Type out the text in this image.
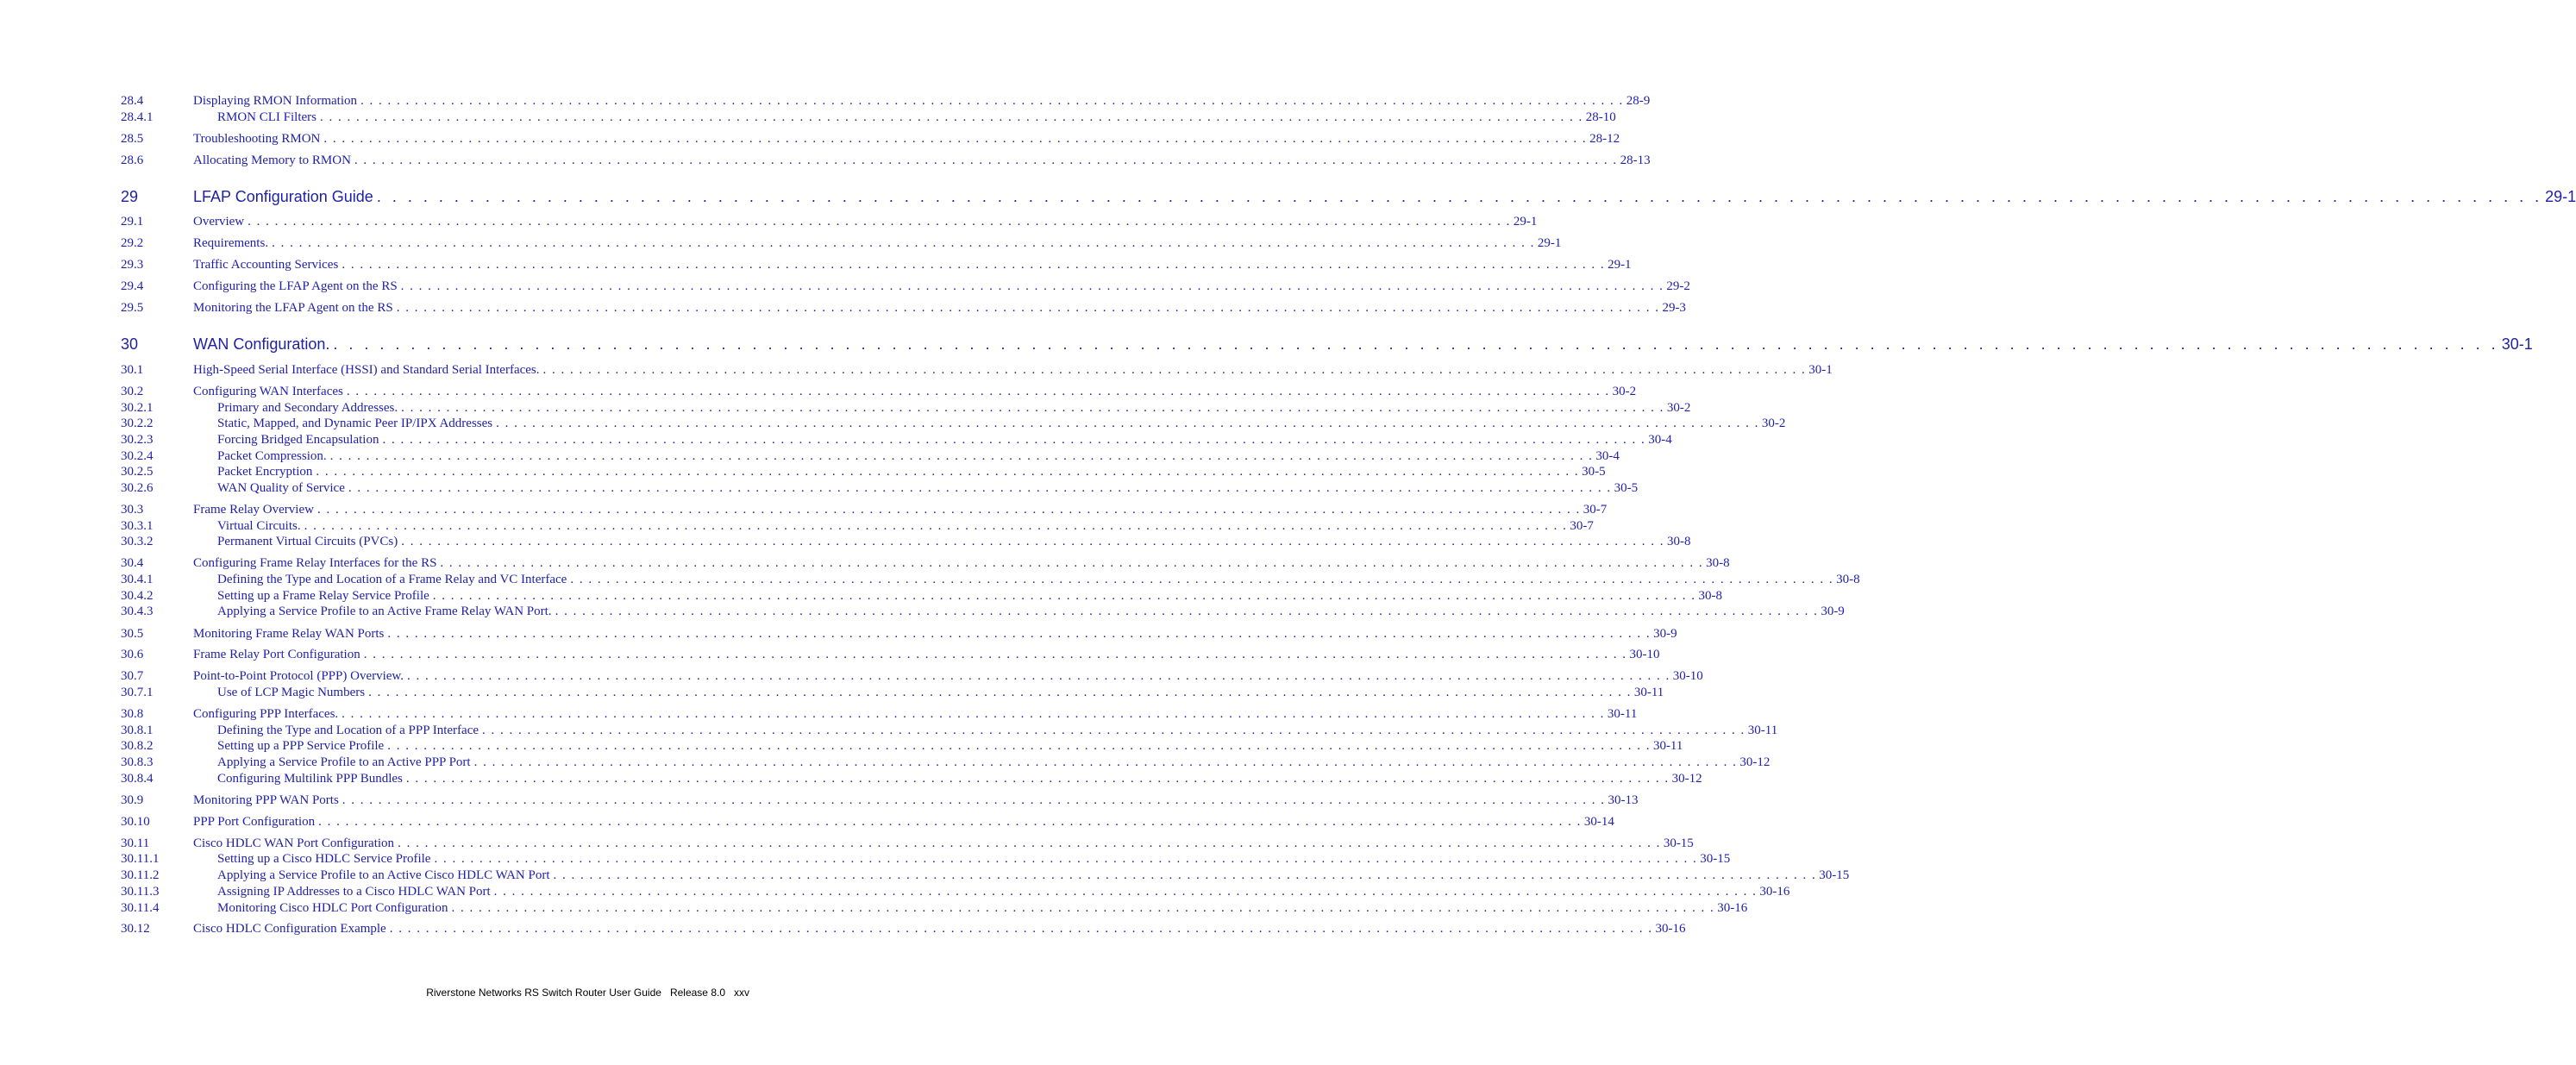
28.4	Displaying RMON Information . . . . . . . . . . . . . . . . . . . . . . . . . . . . . . . . . . . . . . . . . . . . . . . . . . . . . . . . . . . . . . . . . . . . . . . . . . . . . . . . . . . . . . . . . . . . . . . . . . . . . . . . . . . . . . . . . . . . . . . . . . . . . . . . . . . . . . . . . . . . 28-9
28.4.1	RMON CLI Filters . . . . . . . . . . . . . . . . . . . . . . . . . . . . . . . . . . . . . . . . . . . . . . . . . . . . . . . . . . . . . . . . . . . . . . . . . . . . . . . . . . . . . . . . . . . . . . . . . . . . . . . . . . . . . . . . . . . . . . . . . . . . . . . . . . . . . . . . . . . . 28-10
28.5	Troubleshooting RMON . . . . . . . . . . . . . . . . . . . . . . . . . . . . . . . . . . . . . . . . . . . . . . . . . . . . . . . . . . . . . . . . . . . . . . . . . . . . . . . . . . . . . . . . . . . . . . . . . . . . . . . . . . . . . . . . . . . . . . . . . . . . . . . . . . . . . . . . . . . . 28-12
28.6	Allocating Memory to RMON . . . . . . . . . . . . . . . . . . . . . . . . . . . . . . . . . . . . . . . . . . . . . . . . . . . . . . . . . . . . . . . . . . . . . . . . . . . . . . . . . . . . . . . . . . . . . . . . . . . . . . . . . . . . . . . . . . . . . . . . . . . . . . . . . . . . . . . . . . . . 28-13
29	LFAP Configuration Guide . . . . . . . . . . . . . . . . . . . . . . . . . . . . . . . . . . . . . . . . . . . . . . . . . . . . . . . . . . . . . . . . . . . . . . . . . . . . . . . . . . . . . . . . . . . . . . . . . . . . . . . . . . . . . . . . . . . . . . . . . . . . . . . . . . . . . . . . . . . . 29-1
29.1	Overview . . . . . . . . . . . . . . . . . . . . . . . . . . . . . . . . . . . . . . . . . . . . . . . . . . . . . . . . . . . . . . . . . . . . . . . . . . . . . . . . . . . . . . . . . . . . . . . . . . . . . . . . . . . . . . . . . . . . . . . . . . . . . . . . . . . . . . . . . . . . 29-1
29.2	Requirements. . . . . . . . . . . . . . . . . . . . . . . . . . . . . . . . . . . . . . . . . . . . . . . . . . . . . . . . . . . . . . . . . . . . . . . . . . . . . . . . . . . . . . . . . . . . . . . . . . . . . . . . . . . . . . . . . . . . . . . . . . . . . . . . . . . . . . . . . . . . . 29-1
29.3	Traffic Accounting Services . . . . . . . . . . . . . . . . . . . . . . . . . . . . . . . . . . . . . . . . . . . . . . . . . . . . . . . . . . . . . . . . . . . . . . . . . . . . . . . . . . . . . . . . . . . . . . . . . . . . . . . . . . . . . . . . . . . . . . . . . . . . . . . . . . . . . . . . . . . . 29-1
29.4	Configuring the LFAP Agent on the RS . . . . . . . . . . . . . . . . . . . . . . . . . . . . . . . . . . . . . . . . . . . . . . . . . . . . . . . . . . . . . . . . . . . . . . . . . . . . . . . . . . . . . . . . . . . . . . . . . . . . . . . . . . . . . . . . . . . . . . . . . . . . . . . . . . . . . . . . . . . . 29-2
29.5	Monitoring the LFAP Agent on the RS . . . . . . . . . . . . . . . . . . . . . . . . . . . . . . . . . . . . . . . . . . . . . . . . . . . . . . . . . . . . . . . . . . . . . . . . . . . . . . . . . . . . . . . . . . . . . . . . . . . . . . . . . . . . . . . . . . . . . . . . . . . . . . . . . . . . . . . . . . . . 29-3
30	WAN Configuration. . . . . . . . . . . . . . . . . . . . . . . . . . . . . . . . . . . . . . . . . . . . . . . . . . . . . . . . . . . . . . . . . . . . . . . . . . . . . . . . . . . . . . . . . . . . . . . . . . . . . . . . . . . . . . . . . . . . . . . . . . . . . . . . . . . . . . . . . . . . . 30-1
30.1	High-Speed Serial Interface (HSSI) and Standard Serial Interfaces. . . . . . . . . . . . . . . . . . . . . . . . . . . . . . . . . . . . . . . . . . . . . . . . . . . . . . . . . . . . . . . . . . . . . . . . . . . . . . . . . . . . . . . . . . . . . . . . . . . . . . . . . . . . . . . . . . . . . . . . . . . . . . . . . . . . . . . . . . . . . 30-1
30.2	Configuring WAN Interfaces . . . . . . . . . . . . . . . . . . . . . . . . . . . . . . . . . . . . . . . . . . . . . . . . . . . . . . . . . . . . . . . . . . . . . . . . . . . . . . . . . . . . . . . . . . . . . . . . . . . . . . . . . . . . . . . . . . . . . . . . . . . . . . . . . . . . . . . . . . . . 30-2
30.2.1	Primary and Secondary Addresses. . . . . . . . . . . . . . . . . . . . . . . . . . . . . . . . . . . . . . . . . . . . . . . . . . . . . . . . . . . . . . . . . . . . . . . . . . . . . . . . . . . . . . . . . . . . . . . . . . . . . . . . . . . . . . . . . . . . . . . . . . . . . . . . . . . . . . . . . . . . . 30-2
30.2.2	Static, Mapped, and Dynamic Peer IP/IPX Addresses . . . . . . . . . . . . . . . . . . . . . . . . . . . . . . . . . . . . . . . . . . . . . . . . . . . . . . . . . . . . . . . . . . . . . . . . . . . . . . . . . . . . . . . . . . . . . . . . . . . . . . . . . . . . . . . . . . . . . . . . . . . . . . . . . . . . . . . . . . . . 30-2
30.2.3	Forcing Bridged Encapsulation . . . . . . . . . . . . . . . . . . . . . . . . . . . . . . . . . . . . . . . . . . . . . . . . . . . . . . . . . . . . . . . . . . . . . . . . . . . . . . . . . . . . . . . . . . . . . . . . . . . . . . . . . . . . . . . . . . . . . . . . . . . . . . . . . . . . . . . . . . . . 30-4
30.2.4	Packet Compression. . . . . . . . . . . . . . . . . . . . . . . . . . . . . . . . . . . . . . . . . . . . . . . . . . . . . . . . . . . . . . . . . . . . . . . . . . . . . . . . . . . . . . . . . . . . . . . . . . . . . . . . . . . . . . . . . . . . . . . . . . . . . . . . . . . . . . . . . . . . . 30-4
30.2.5	Packet Encryption . . . . . . . . . . . . . . . . . . . . . . . . . . . . . . . . . . . . . . . . . . . . . . . . . . . . . . . . . . . . . . . . . . . . . . . . . . . . . . . . . . . . . . . . . . . . . . . . . . . . . . . . . . . . . . . . . . . . . . . . . . . . . . . . . . . . . . . . . . . . 30-5
30.2.6	WAN Quality of Service . . . . . . . . . . . . . . . . . . . . . . . . . . . . . . . . . . . . . . . . . . . . . . . . . . . . . . . . . . . . . . . . . . . . . . . . . . . . . . . . . . . . . . . . . . . . . . . . . . . . . . . . . . . . . . . . . . . . . . . . . . . . . . . . . . . . . . . . . . . . 30-5
30.3	Frame Relay Overview . . . . . . . . . . . . . . . . . . . . . . . . . . . . . . . . . . . . . . . . . . . . . . . . . . . . . . . . . . . . . . . . . . . . . . . . . . . . . . . . . . . . . . . . . . . . . . . . . . . . . . . . . . . . . . . . . . . . . . . . . . . . . . . . . . . . . . . . . . . . 30-7
30.3.1	Virtual Circuits. . . . . . . . . . . . . . . . . . . . . . . . . . . . . . . . . . . . . . . . . . . . . . . . . . . . . . . . . . . . . . . . . . . . . . . . . . . . . . . . . . . . . . . . . . . . . . . . . . . . . . . . . . . . . . . . . . . . . . . . . . . . . . . . . . . . . . . . . . . . . 30-7
30.3.2	Permanent Virtual Circuits (PVCs) . . . . . . . . . . . . . . . . . . . . . . . . . . . . . . . . . . . . . . . . . . . . . . . . . . . . . . . . . . . . . . . . . . . . . . . . . . . . . . . . . . . . . . . . . . . . . . . . . . . . . . . . . . . . . . . . . . . . . . . . . . . . . . . . . . . . . . . . . . . . 30-8
30.4	Configuring Frame Relay Interfaces for the RS . . . . . . . . . . . . . . . . . . . . . . . . . . . . . . . . . . . . . . . . . . . . . . . . . . . . . . . . . . . . . . . . . . . . . . . . . . . . . . . . . . . . . . . . . . . . . . . . . . . . . . . . . . . . . . . . . . . . . . . . . . . . . . . . . . . . . . . . . . . . 30-8
30.4.1	Defining the Type and Location of a Frame Relay and VC Interface . . . . . . . . . . . . . . . . . . . . . . . . . . . . . . . . . . . . . . . . . . . . . . . . . . . . . . . . . . . . . . . . . . . . . . . . . . . . . . . . . . . . . . . . . . . . . . . . . . . . . . . . . . . . . . . . . . . . . . . . . . . . . . . . . . . . . . . . . . . . 30-8
30.4.2	Setting up a Frame Relay Service Profile . . . . . . . . . . . . . . . . . . . . . . . . . . . . . . . . . . . . . . . . . . . . . . . . . . . . . . . . . . . . . . . . . . . . . . . . . . . . . . . . . . . . . . . . . . . . . . . . . . . . . . . . . . . . . . . . . . . . . . . . . . . . . . . . . . . . . . . . . . . . 30-8
30.4.3	Applying a Service Profile to an Active Frame Relay WAN Port. . . . . . . . . . . . . . . . . . . . . . . . . . . . . . . . . . . . . . . . . . . . . . . . . . . . . . . . . . . . . . . . . . . . . . . . . . . . . . . . . . . . . . . . . . . . . . . . . . . . . . . . . . . . . . . . . . . . . . . . . . . . . . . . . . . . . . . . . . . . . 30-9
30.5	Monitoring Frame Relay WAN Ports . . . . . . . . . . . . . . . . . . . . . . . . . . . . . . . . . . . . . . . . . . . . . . . . . . . . . . . . . . . . . . . . . . . . . . . . . . . . . . . . . . . . . . . . . . . . . . . . . . . . . . . . . . . . . . . . . . . . . . . . . . . . . . . . . . . . . . . . . . . . 30-9
30.6	Frame Relay Port Configuration . . . . . . . . . . . . . . . . . . . . . . . . . . . . . . . . . . . . . . . . . . . . . . . . . . . . . . . . . . . . . . . . . . . . . . . . . . . . . . . . . . . . . . . . . . . . . . . . . . . . . . . . . . . . . . . . . . . . . . . . . . . . . . . . . . . . . . . . . . . . 30-10
30.7	Point-to-Point Protocol (PPP) Overview. . . . . . . . . . . . . . . . . . . . . . . . . . . . . . . . . . . . . . . . . . . . . . . . . . . . . . . . . . . . . . . . . . . . . . . . . . . . . . . . . . . . . . . . . . . . . . . . . . . . . . . . . . . . . . . . . . . . . . . . . . . . . . . . . . . . . . . . . . . . . 30-10
30.7.1	Use of LCP Magic Numbers . . . . . . . . . . . . . . . . . . . . . . . . . . . . . . . . . . . . . . . . . . . . . . . . . . . . . . . . . . . . . . . . . . . . . . . . . . . . . . . . . . . . . . . . . . . . . . . . . . . . . . . . . . . . . . . . . . . . . . . . . . . . . . . . . . . . . . . . . . . . 30-11
30.8	Configuring PPP Interfaces. . . . . . . . . . . . . . . . . . . . . . . . . . . . . . . . . . . . . . . . . . . . . . . . . . . . . . . . . . . . . . . . . . . . . . . . . . . . . . . . . . . . . . . . . . . . . . . . . . . . . . . . . . . . . . . . . . . . . . . . . . . . . . . . . . . . . . . . . . . . . 30-11
30.8.1	Defining the Type and Location of a PPP Interface . . . . . . . . . . . . . . . . . . . . . . . . . . . . . . . . . . . . . . . . . . . . . . . . . . . . . . . . . . . . . . . . . . . . . . . . . . . . . . . . . . . . . . . . . . . . . . . . . . . . . . . . . . . . . . . . . . . . . . . . . . . . . . . . . . . . . . . . . . . . 30-11
30.8.2	Setting up a PPP Service Profile . . . . . . . . . . . . . . . . . . . . . . . . . . . . . . . . . . . . . . . . . . . . . . . . . . . . . . . . . . . . . . . . . . . . . . . . . . . . . . . . . . . . . . . . . . . . . . . . . . . . . . . . . . . . . . . . . . . . . . . . . . . . . . . . . . . . . . . . . . . . 30-11
30.8.3	Applying a Service Profile to an Active PPP Port . . . . . . . . . . . . . . . . . . . . . . . . . . . . . . . . . . . . . . . . . . . . . . . . . . . . . . . . . . . . . . . . . . . . . . . . . . . . . . . . . . . . . . . . . . . . . . . . . . . . . . . . . . . . . . . . . . . . . . . . . . . . . . . . . . . . . . . . . . . . 30-12
30.8.4	Configuring Multilink PPP Bundles . . . . . . . . . . . . . . . . . . . . . . . . . . . . . . . . . . . . . . . . . . . . . . . . . . . . . . . . . . . . . . . . . . . . . . . . . . . . . . . . . . . . . . . . . . . . . . . . . . . . . . . . . . . . . . . . . . . . . . . . . . . . . . . . . . . . . . . . . . . . 30-12
30.9	Monitoring PPP WAN Ports . . . . . . . . . . . . . . . . . . . . . . . . . . . . . . . . . . . . . . . . . . . . . . . . . . . . . . . . . . . . . . . . . . . . . . . . . . . . . . . . . . . . . . . . . . . . . . . . . . . . . . . . . . . . . . . . . . . . . . . . . . . . . . . . . . . . . . . . . . . . 30-13
30.10	PPP Port Configuration . . . . . . . . . . . . . . . . . . . . . . . . . . . . . . . . . . . . . . . . . . . . . . . . . . . . . . . . . . . . . . . . . . . . . . . . . . . . . . . . . . . . . . . . . . . . . . . . . . . . . . . . . . . . . . . . . . . . . . . . . . . . . . . . . . . . . . . . . . . . 30-14
30.11	Cisco HDLC WAN Port Configuration . . . . . . . . . . . . . . . . . . . . . . . . . . . . . . . . . . . . . . . . . . . . . . . . . . . . . . . . . . . . . . . . . . . . . . . . . . . . . . . . . . . . . . . . . . . . . . . . . . . . . . . . . . . . . . . . . . . . . . . . . . . . . . . . . . . . . . . . . . . . 30-15
30.11.1	Setting up a Cisco HDLC Service Profile . . . . . . . . . . . . . . . . . . . . . . . . . . . . . . . . . . . . . . . . . . . . . . . . . . . . . . . . . . . . . . . . . . . . . . . . . . . . . . . . . . . . . . . . . . . . . . . . . . . . . . . . . . . . . . . . . . . . . . . . . . . . . . . . . . . . . . . . . . . . 30-15
30.11.2	Applying a Service Profile to an Active Cisco HDLC WAN Port . . . . . . . . . . . . . . . . . . . . . . . . . . . . . . . . . . . . . . . . . . . . . . . . . . . . . . . . . . . . . . . . . . . . . . . . . . . . . . . . . . . . . . . . . . . . . . . . . . . . . . . . . . . . . . . . . . . . . . . . . . . . . . . . . . . . . . . . . . . . 30-15
30.11.3	Assigning IP Addresses to a Cisco HDLC WAN Port . . . . . . . . . . . . . . . . . . . . . . . . . . . . . . . . . . . . . . . . . . . . . . . . . . . . . . . . . . . . . . . . . . . . . . . . . . . . . . . . . . . . . . . . . . . . . . . . . . . . . . . . . . . . . . . . . . . . . . . . . . . . . . . . . . . . . . . . . . . . 30-16
30.11.4	Monitoring Cisco HDLC Port Configuration . . . . . . . . . . . . . . . . . . . . . . . . . . . . . . . . . . . . . . . . . . . . . . . . . . . . . . . . . . . . . . . . . . . . . . . . . . . . . . . . . . . . . . . . . . . . . . . . . . . . . . . . . . . . . . . . . . . . . . . . . . . . . . . . . . . . . . . . . . . . 30-16
30.12	Cisco HDLC Configuration Example . . . . . . . . . . . . . . . . . . . . . . . . . . . . . . . . . . . . . . . . . . . . . . . . . . . . . . . . . . . . . . . . . . . . . . . . . . . . . . . . . . . . . . . . . . . . . . . . . . . . . . . . . . . . . . . . . . . . . . . . . . . . . . . . . . . . . . . . . . . . 30-16
Riverstone Networks RS Switch Router User Guide Release 8.0 xxv
